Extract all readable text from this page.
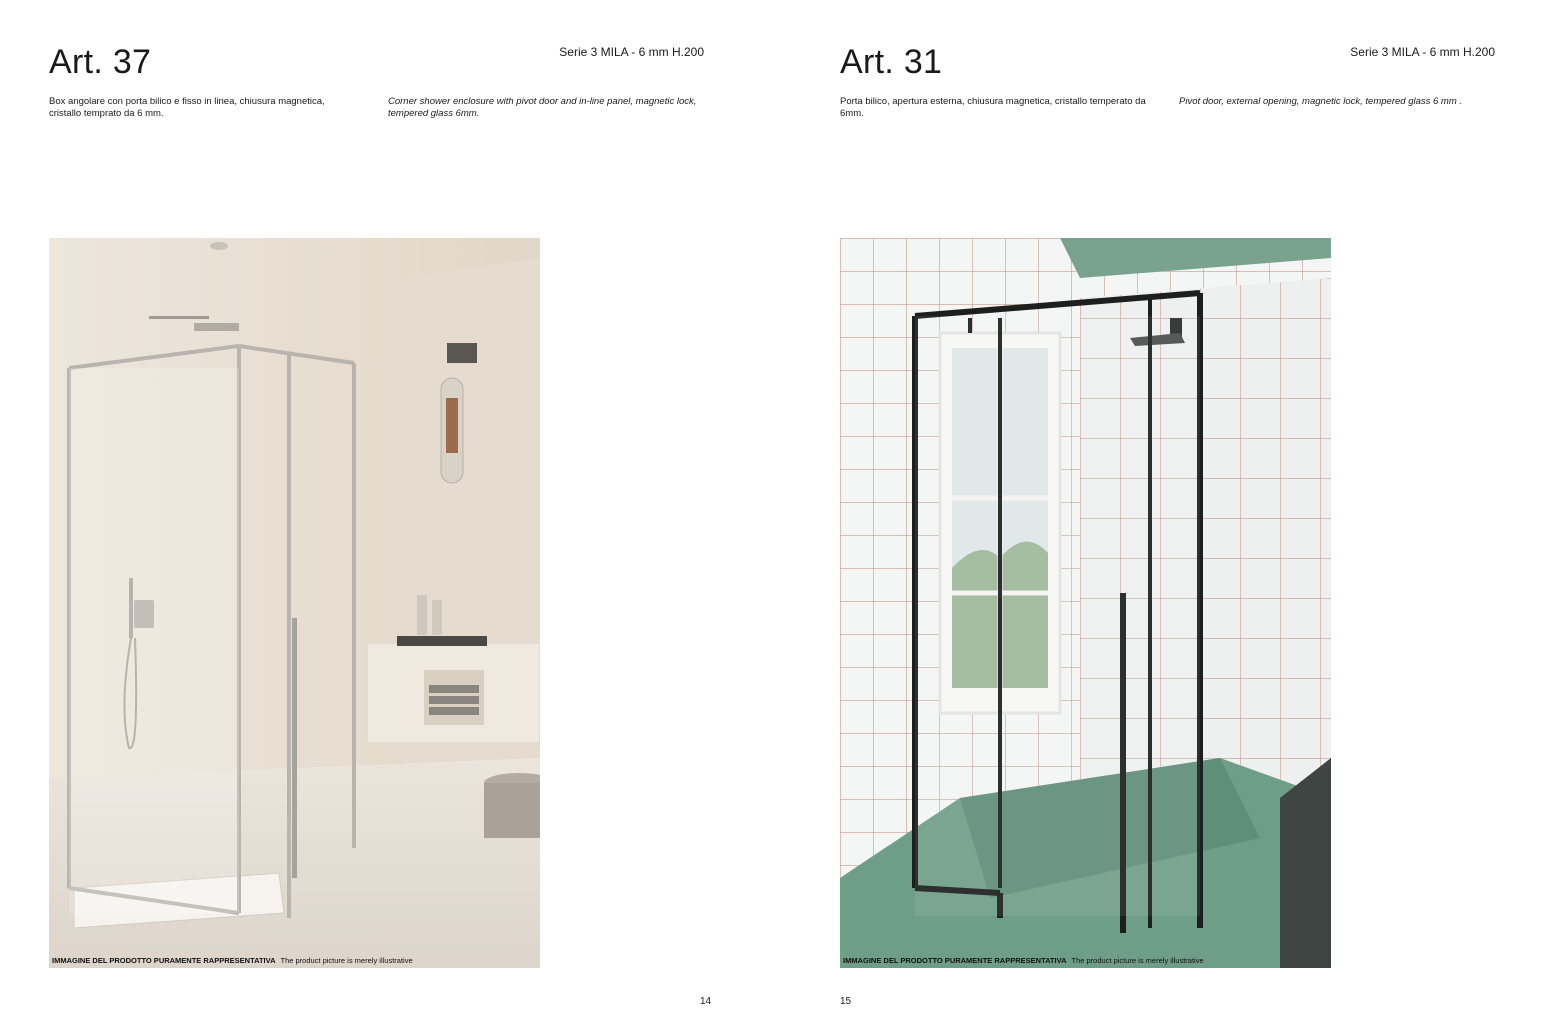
Art. 37	Serie 3 MILA - 6 mm H.200
Box angolare con porta bilico e fisso in linea, chiusura magnetica, cristallo temprato da 6 mm.
Corner shower enclosure with pivot door and in-line panel, magnetic lock, tempered glass 6mm.
IMMAGINE DEL PRODOTTO PURAMENTE RAPPRESENTATIVA The product picture is merely illustrative
14
Art. 31	Serie 3 MILA - 6 mm H.200
Porta bilico, apertura esterna, chiusura magnetica, cristallo temperato da 6mm.
Pivot door, external opening, magnetic lock, tempered glass 6 mm .
IMMAGINE DEL PRODOTTO PURAMENTE RAPPRESENTATIVA The product picture is merely illustrative
15
